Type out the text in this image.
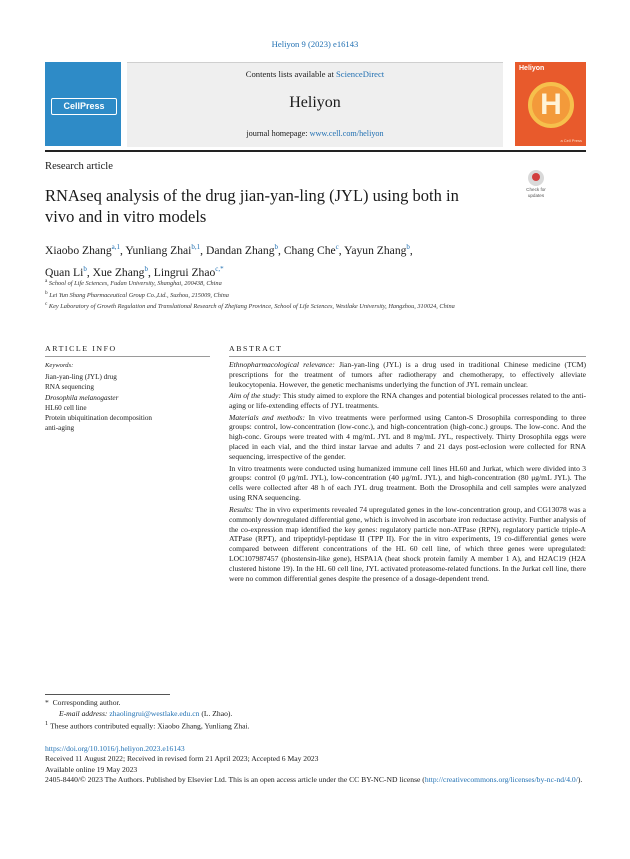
Heliyon 9 (2023) e16143
CellPress
Contents lists available at ScienceDirect
Heliyon
journal homepage: www.cell.com/heliyon
Heliyon
H
a Cell Press
Research article
RNAseq analysis of the drug jian-yan-ling (JYL) using both in vivo and in vitro models
Check for updates
Xiaobo Zhang$^{a,1}$, Yunliang Zhai$^{b,1}$, Dandan Zhang$^b$, Chang Che$^c$, Yayun Zhang$^b$,
Quan Li$^b$, Xue Zhang$^b$, Lingrui Zhao$^{c,*}$
$^a$ School of Life Sciences, Fudan University, Shanghai, 200438, China
$^b$ Lei Yun Shang Pharmaceutical Group Co.,Ltd., Suzhou, 215009, China
$^c$ Key Laboratory of Growth Regulation and Translational Research of Zhejiang Province, School of Life Sciences, Westlake University, Hangzhou, 310024, China
ARTICLE INFO	ABSTRACT
Keywords:
Jian-yan-ling (JYL) drug
RNA sequencing
Drosophila melanogaster
HL60 cell line
Protein ubiquitination decomposition
anti-aging

Ethnopharmacological relevance: Jian-yan-ling (JYL) is a drug used in traditional Chinese medicine (TCM) prescriptions for the treatment of tumors after radiotherapy and chemotherapy, to effectively alleviate leukocytopenia. However, the genetic mechanisms underlying the function of JYL remain unclear.

Aim of the study: This study aimed to explore the RNA changes and potential biological processes related to the anti-aging or life-extending effects of JYL treatments.

Materials and methods: In vivo treatments were performed using Canton-S Drosophila corresponding to three groups: control, low-concentration (low-conc.), and high-concentration (high-conc.) groups. The low-conc. And the high-conc. Groups were treated with 4 mg/mL JYL and 8 mg/mL JYL, respectively. Thirty Drosophila eggs were placed in each vial, and the third instar larvae and adults 7 and 21 days post-eclosion were collected for RNA sequencing, irrespective of the gender.

In vitro treatments were conducted using humanized immune cell lines HL60 and Jurkat, which were divided into 3 groups: control (0 μg/mL JYL), low-concentration (40 μg/mL JYL), and high-concentration (80 μg/mL JYL). The cells were collected after 48 h of each JYL drug treatment. Both the Drosophila and cell samples were analyzed using RNA sequencing.

Results: The in vivo experiments revealed 74 upregulated genes in the low-concentration group, and CG13078 was a commonly downregulated differential gene, which is involved in ascorbate iron reductase activity. Further analysis of the co-expression map identified the key genes: regulatory particle non-ATPase (RPN), regulatory particle triple-A ATPase (RPT), and tripeptidyl-peptidase II (TPP II). For the in vitro experiments, 19 co-differential genes were compared between different concentrations of the HL 60 cell line, of which three genes were upregulated: LOC107987457 (phostensin-like gene), HSPA1A (heat shock protein family A member 1 A), and H2AC19 (H2A clustered histone 19). In the HL 60 cell line, JYL activated proteasome-related functions. In the Jurkat cell line, there were no common differential genes despite the presence of a dosage-dependent trend.

*  Corresponding author.
E-mail address: zhaolingrui@westlake.edu.cn (L. Zhao).
$^1$ These authors contributed equally: Xiaobo Zhang, Yunliang Zhai.
https://doi.org/10.1016/j.heliyon.2023.e16143
Received 11 August 2022; Received in revised form 21 April 2023; Accepted 6 May 2023
Available online 19 May 2023
2405-8440/© 2023 The Authors. Published by Elsevier Ltd. This is an open access article under the CC BY-NC-ND license (http://creativecommons.org/licenses/by-nc-nd/4.0/).
